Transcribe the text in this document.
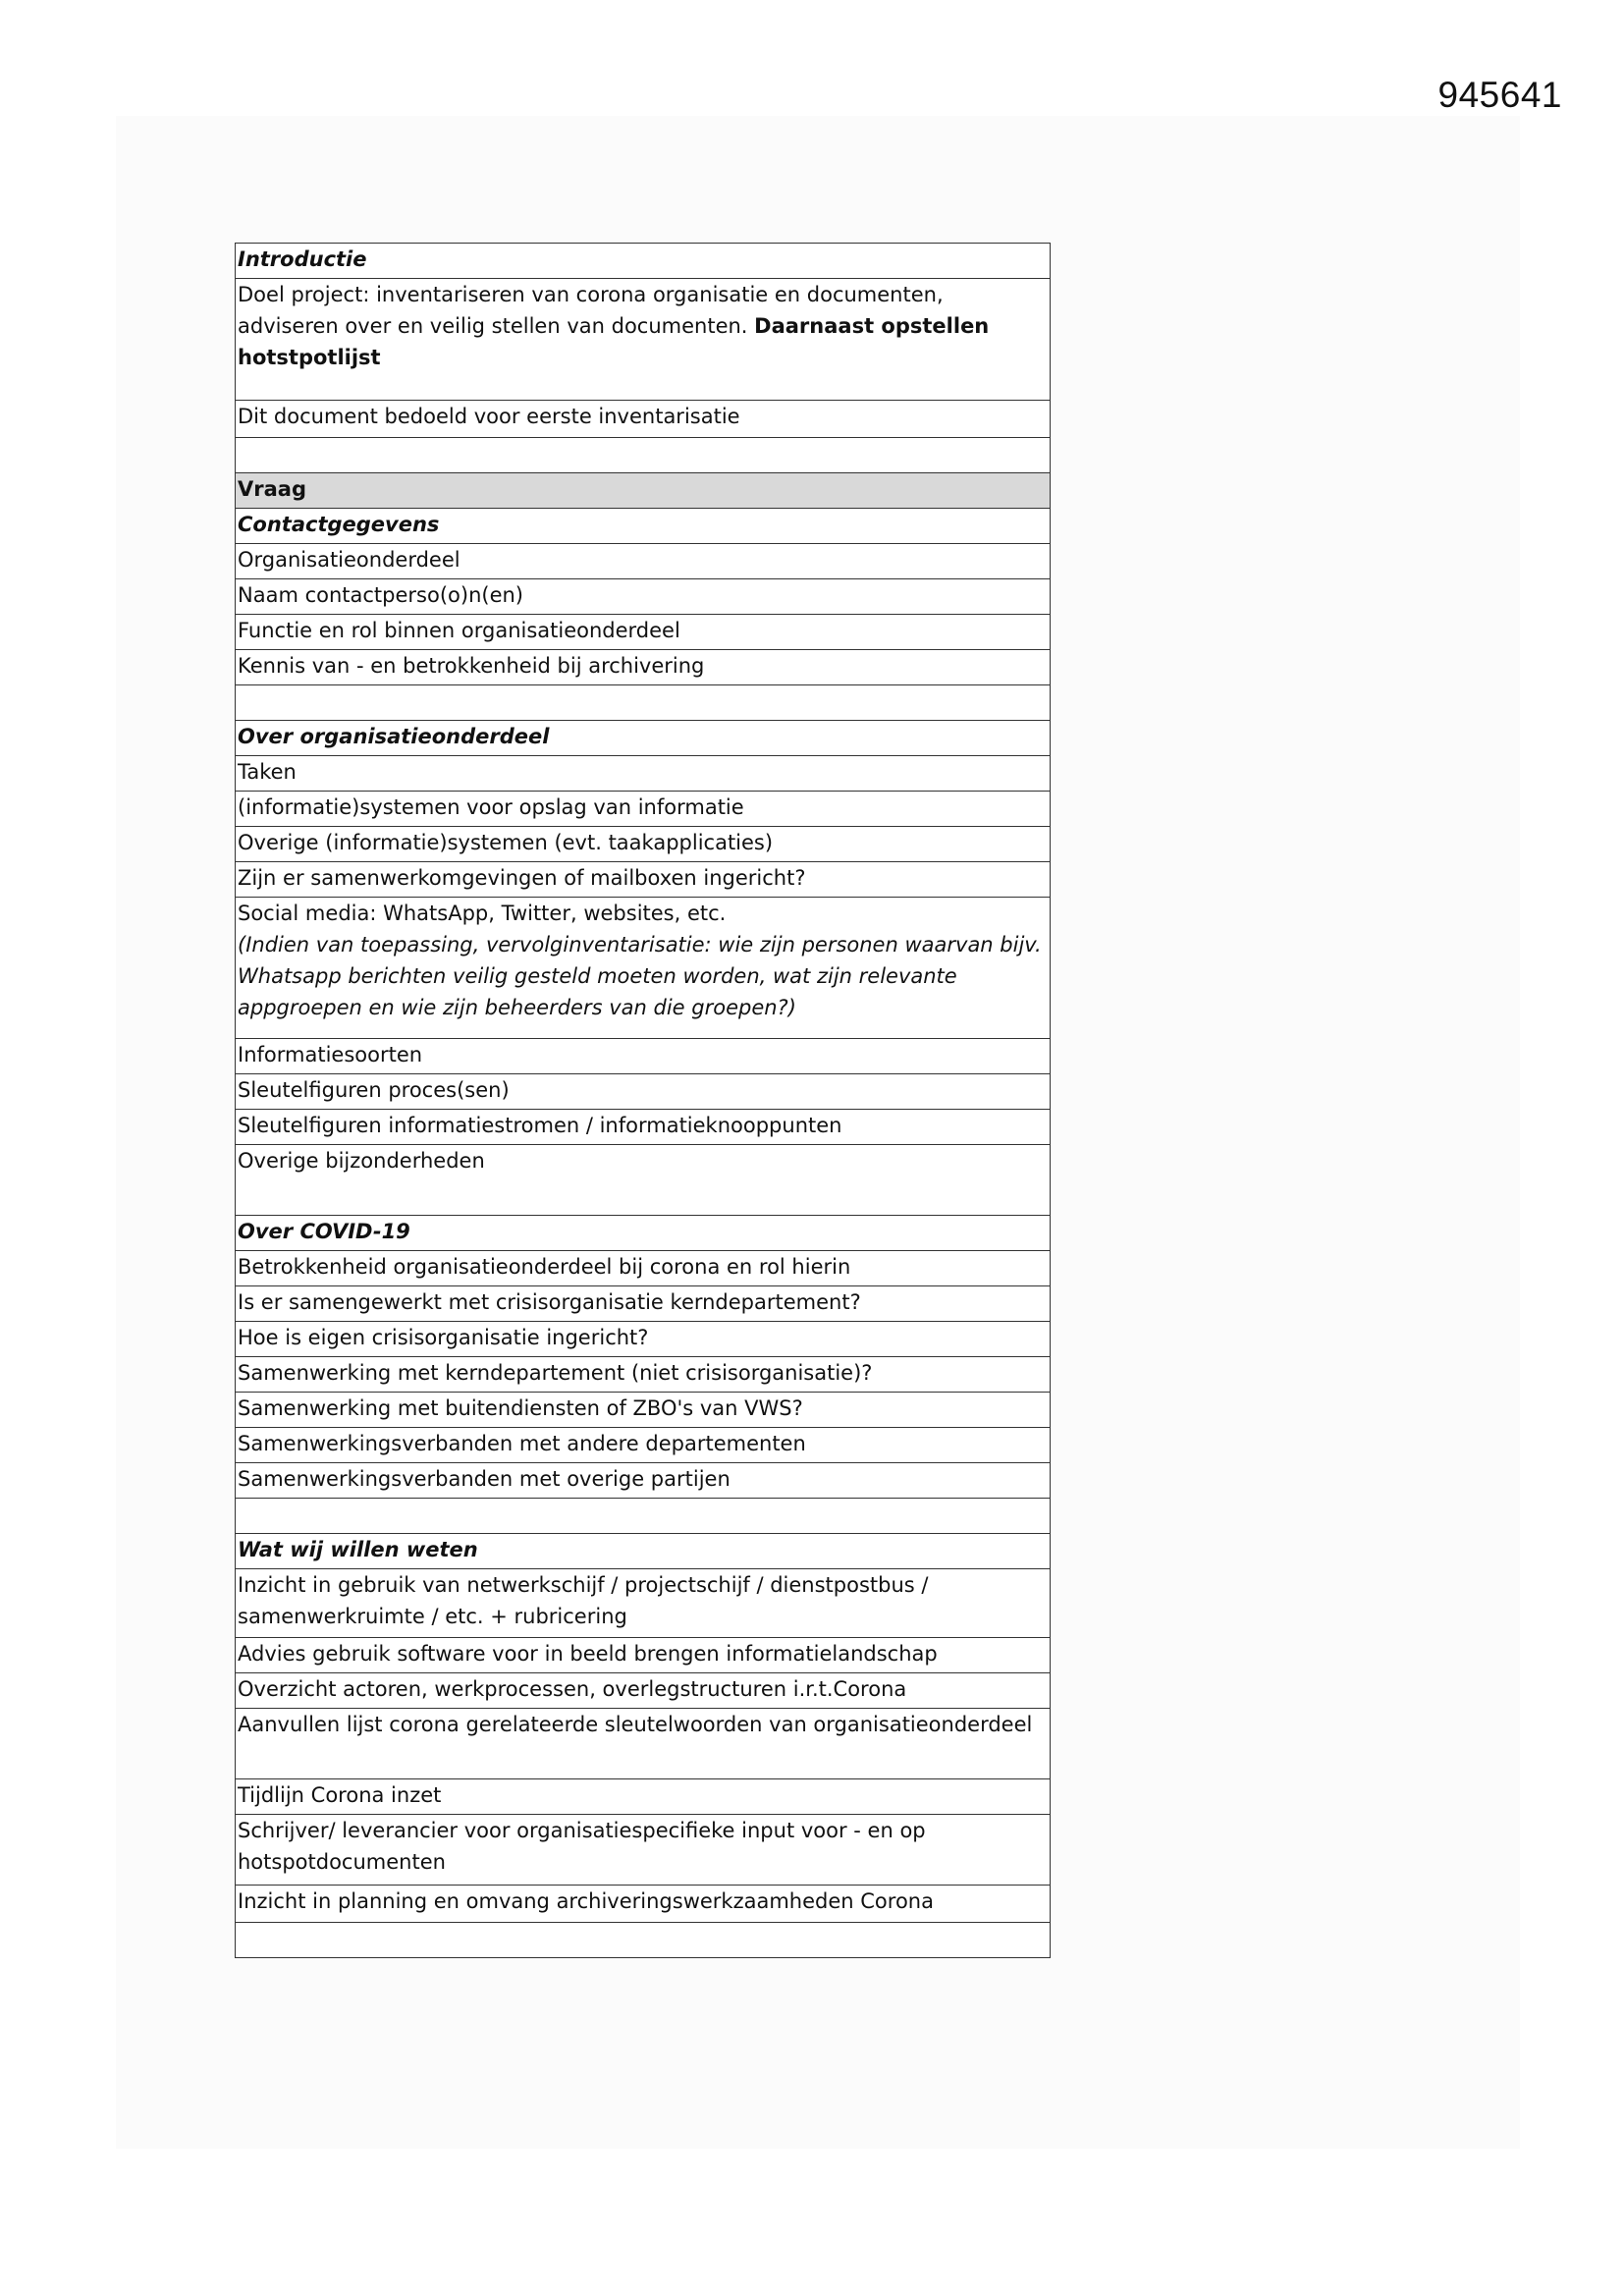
945641
Introductie
Doel project: inventariseren van corona organisatie en documenten, adviseren over en veilig stellen van documenten. Daarnaast opstellen hotstpotlijst
Dit document bedoeld voor eerste inventarisatie

Vraag
Contactgegevens
Organisatieonderdeel
Naam contactperso(o)n(en)
Functie en rol binnen organisatieonderdeel
Kennis van - en betrokkenheid bij archivering

Over organisatieonderdeel
Taken
(informatie)systemen voor opslag van informatie
Overige (informatie)systemen (evt. taakapplicaties)
Zijn er samenwerkomgevingen of mailboxen ingericht?

Social media: WhatsApp, Twitter, websites, etc.
(Indien van toepassing, vervolginventarisatie: wie zijn personen waarvan bijv. Whatsapp berichten veilig gesteld moeten worden, wat zijn relevante appgroepen en wie zijn beheerders van die groepen?)

Informatiesoorten
Sleutelfiguren proces(sen)
Sleutelfiguren informatiestromen / informatieknooppunten
Overige bijzonderheden
Over COVID-19
Betrokkenheid organisatieonderdeel bij corona en rol hierin
Is er samengewerkt met crisisorganisatie kerndepartement?
Hoe is eigen crisisorganisatie ingericht?
Samenwerking met kerndepartement (niet crisisorganisatie)?
Samenwerking met buitendiensten of ZBO's van VWS?
Samenwerkingsverbanden met andere departementen
Samenwerkingsverbanden met overige partijen

Wat wij willen weten
Inzicht in gebruik van netwerkschijf / projectschijf / dienstpostbus / samenwerkruimte / etc. + rubricering
Advies gebruik software voor in beeld brengen informatielandschap
Overzicht actoren, werkprocessen, overlegstructuren i.r.t.Corona
Aanvullen lijst corona gerelateerde sleutelwoorden van organisatieonderdeel
Tijdlijn Corona inzet
Schrijver/ leverancier voor organisatiespecifieke input voor - en op hotspotdocumenten
Inzicht in planning en omvang archiveringswerkzaamheden Corona
